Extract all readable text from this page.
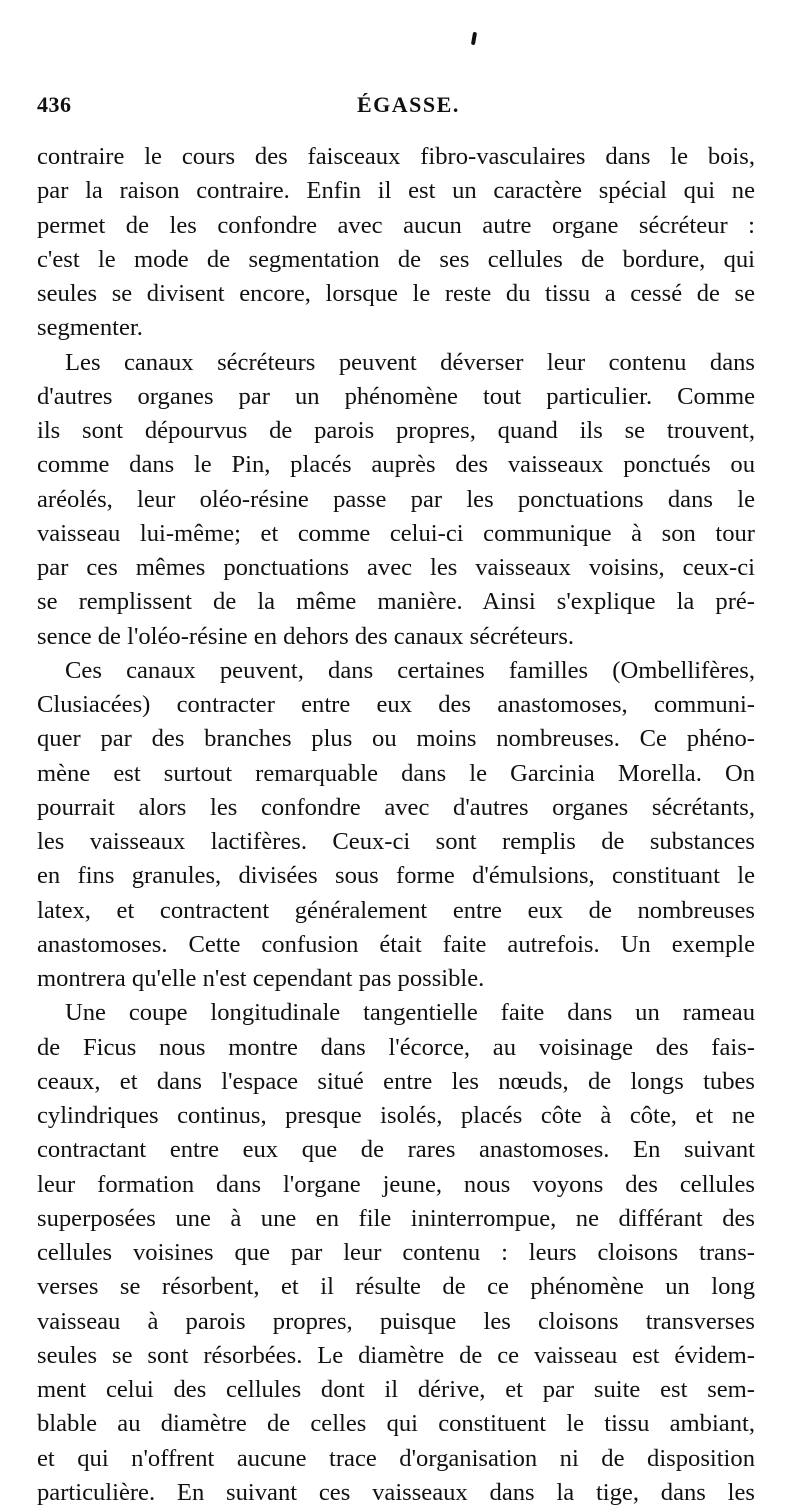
436	ÉGASSE.
contraire le cours des faisceaux fibro-vasculaires dans le bois,
par la raison contraire. Enfin il est un caractère spécial qui ne
permet de les confondre avec aucun autre organe sécréteur :
c'est le mode de segmentation de ses cellules de bordure, qui
seules se divisent encore, lorsque le reste du tissu a cessé de se
segmenter.
Les canaux sécréteurs peuvent déverser leur contenu dans
d'autres organes par un phénomène tout particulier. Comme
ils sont dépourvus de parois propres, quand ils se trouvent,
comme dans le Pin, placés auprès des vaisseaux ponctués ou
aréolés, leur oléo-résine passe par les ponctuations dans le
vaisseau lui-même; et comme celui-ci communique à son tour
par ces mêmes ponctuations avec les vaisseaux voisins, ceux-ci
se remplissent de la même manière. Ainsi s'explique la pré-
sence de l'oléo-résine en dehors des canaux sécréteurs.
Ces canaux peuvent, dans certaines familles (Ombellifères,
Clusiacées) contracter entre eux des anastomoses, communi-
quer par des branches plus ou moins nombreuses. Ce phéno-
mène est surtout remarquable dans le Garcinia Morella. On
pourrait alors les confondre avec d'autres organes sécrétants,
les vaisseaux lactifères. Ceux-ci sont remplis de substances
en fins granules, divisées sous forme d'émulsions, constituant le
latex, et contractent généralement entre eux de nombreuses
anastomoses. Cette confusion était faite autrefois. Un exemple
montrera qu'elle n'est cependant pas possible.
Une coupe longitudinale tangentielle faite dans un rameau
de Ficus nous montre dans l'écorce, au voisinage des fais-
ceaux, et dans l'espace situé entre les nœuds, de longs tubes
cylindriques continus, presque isolés, placés côte à côte, et ne
contractant entre eux que de rares anastomoses. En suivant
leur formation dans l'organe jeune, nous voyons des cellules
superposées une à une en file ininterrompue, ne différant des
cellules voisines que par leur contenu : leurs cloisons trans-
verses se résorbent, et il résulte de ce phénomène un long
vaisseau à parois propres, puisque les cloisons transverses
seules se sont résorbées. Le diamètre de ce vaisseau est évidem-
ment celui des cellules dont il dérive, et par suite est sem-
blable au diamètre de celles qui constituent le tissu ambiant,
et qui n'offrent aucune trace d'organisation ni de disposition
particulière. En suivant ces vaisseaux dans la tige, dans les
